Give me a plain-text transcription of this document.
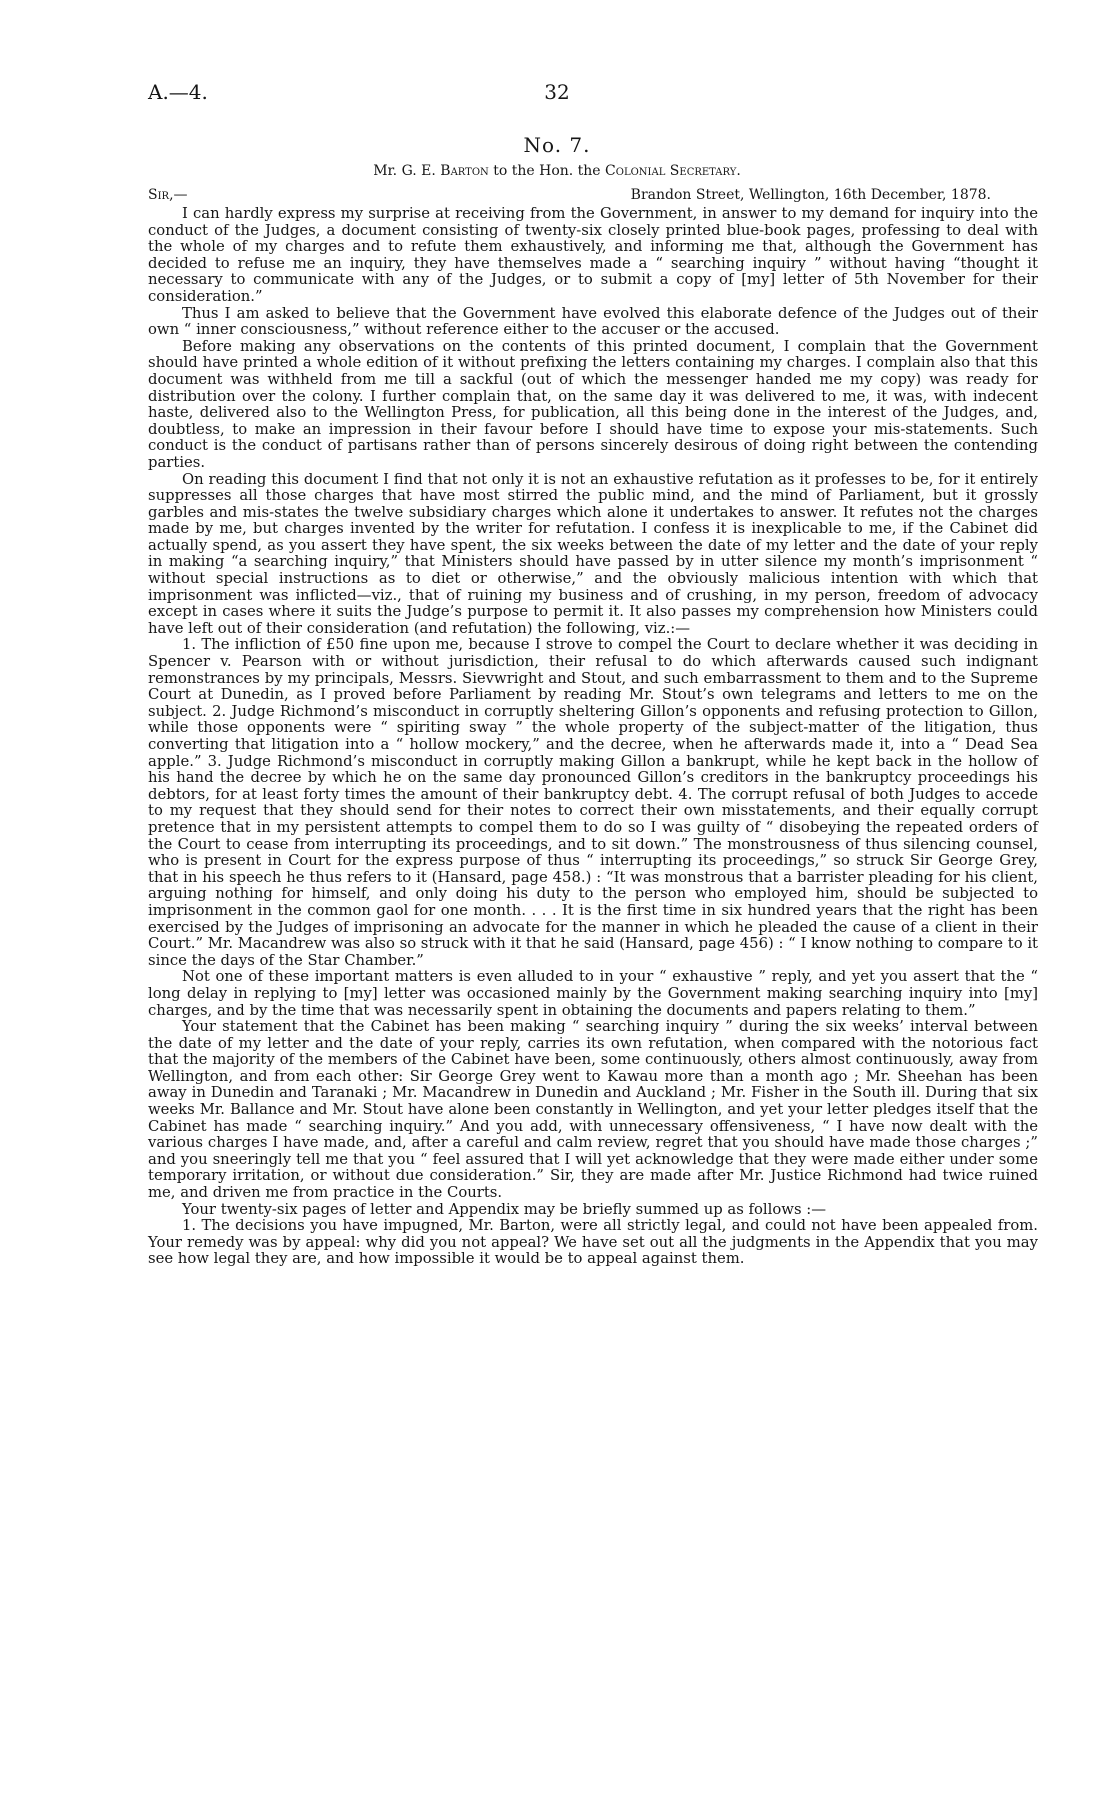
A.—4.	32
No. 7.
Mr. G. E. Barton to the Hon. the Colonial Secretary.
Sir,—	Brandon Street, Wellington, 16th December, 1878.

I can hardly express my surprise at receiving from the Government, in answer to my demand for inquiry into the conduct of the Judges, a document consisting of twenty-six closely printed blue-book pages, professing to deal with the whole of my charges and to refute them exhaustively, and informing me that, although the Government has decided to refuse me an inquiry, they have themselves made a “ searching inquiry ” without having “thought it necessary to communicate with any of the Judges, or to submit a copy of [my] letter of 5th November for their consideration.”

Thus I am asked to believe that the Government have evolved this elaborate defence of the Judges out of their own “ inner consciousness,” without reference either to the accuser or the accused.

Before making any observations on the contents of this printed document, I complain that the Government should have printed a whole edition of it without prefixing the letters containing my charges. I complain also that this document was withheld from me till a sackful (out of which the messenger handed me my copy) was ready for distribution over the colony. I further complain that, on the same day it was delivered to me, it was, with indecent haste, delivered also to the Wellington Press, for publication, all this being done in the interest of the Judges, and, doubtless, to make an impression in their favour before I should have time to expose your mis-statements. Such conduct is the conduct of partisans rather than of persons sincerely desirous of doing right between the contending parties.

On reading this document I find that not only it is not an exhaustive refutation as it professes to be, for it entirely suppresses all those charges that have most stirred the public mind, and the mind of Parliament, but it grossly garbles and mis-states the twelve subsidiary charges which alone it undertakes to answer. It refutes not the charges made by me, but charges invented by the writer for refutation. I confess it is inexplicable to me, if the Cabinet did actually spend, as you assert they have spent, the six weeks between the date of my letter and the date of your reply in making “a searching inquiry,” that Ministers should have passed by in utter silence my month’s imprisonment “ without special instructions as to diet or otherwise,” and the obviously malicious intention with which that imprisonment was inflicted—viz., that of ruining my business and of crushing, in my person, freedom of advocacy except in cases where it suits the Judge’s purpose to permit it. It also passes my comprehension how Ministers could have left out of their consideration (and refutation) the following, viz.:—

1. The infliction of £50 fine upon me, because I strove to compel the Court to declare whether it was deciding in Spencer v. Pearson with or without jurisdiction, their refusal to do which afterwards caused such indignant remonstrances by my principals, Messrs. Sievwright and Stout, and such embarrassment to them and to the Supreme Court at Dunedin, as I proved before Parliament by reading Mr. Stout’s own telegrams and letters to me on the subject. 2. Judge Richmond’s misconduct in corruptly sheltering Gillon’s opponents and refusing protection to Gillon, while those opponents were “ spiriting sway ” the whole property of the subject-matter of the litigation, thus converting that litigation into a “ hollow mockery,” and the decree, when he afterwards made it, into a “ Dead Sea apple.” 3. Judge Richmond’s misconduct in corruptly making Gillon a bankrupt, while he kept back in the hollow of his hand the decree by which he on the same day pronounced Gillon’s creditors in the bankruptcy proceedings his debtors, for at least forty times the amount of their bankruptcy debt. 4. The corrupt refusal of both Judges to accede to my request that they should send for their notes to correct their own misstatements, and their equally corrupt pretence that in my persistent attempts to compel them to do so I was guilty of “ disobeying the repeated orders of the Court to cease from interrupting its proceedings, and to sit down.” The monstrousness of thus silencing counsel, who is present in Court for the express purpose of thus “ interrupting its proceedings,” so struck Sir George Grey, that in his speech he thus refers to it (Hansard, page 458.) : “It was monstrous that a barrister pleading for his client, arguing nothing for himself, and only doing his duty to the person who employed him, should be subjected to imprisonment in the common gaol for one month. . . . It is the first time in six hundred years that the right has been exercised by the Judges of imprisoning an advocate for the manner in which he pleaded the cause of a client in their Court.” Mr. Macandrew was also so struck with it that he said (Hansard, page 456) : “ I know nothing to compare to it since the days of the Star Chamber.”

Not one of these important matters is even alluded to in your “ exhaustive ” reply, and yet you assert that the “ long delay in replying to [my] letter was occasioned mainly by the Government making searching inquiry into [my] charges, and by the time that was necessarily spent in obtaining the documents and papers relating to them.”

Your statement that the Cabinet has been making “ searching inquiry ” during the six weeks’ interval between the date of my letter and the date of your reply, carries its own refutation, when compared with the notorious fact that the majority of the members of the Cabinet have been, some continuously, others almost continuously, away from Wellington, and from each other: Sir George Grey went to Kawau more than a month ago ; Mr. Sheehan has been away in Dunedin and Taranaki ; Mr. Macandrew in Dunedin and Auckland ; Mr. Fisher in the South ill. During that six weeks Mr. Ballance and Mr. Stout have alone been constantly in Wellington, and yet your letter pledges itself that the Cabinet has made “ searching inquiry.” And you add, with unnecessary offensiveness, “ I have now dealt with the various charges I have made, and, after a careful and calm review, regret that you should have made those charges ;” and you sneeringly tell me that you “ feel assured that I will yet acknowledge that they were made either under some temporary irritation, or without due consideration.” Sir, they are made after Mr. Justice Richmond had twice ruined me, and driven me from practice in the Courts.

Your twenty-six pages of letter and Appendix may be briefly summed up as follows :—

1. The decisions you have impugned, Mr. Barton, were all strictly legal, and could not have been appealed from. Your remedy was by appeal: why did you not appeal? We have set out all the judgments in the Appendix that you may see how legal they are, and how impossible it would be to appeal against them.
